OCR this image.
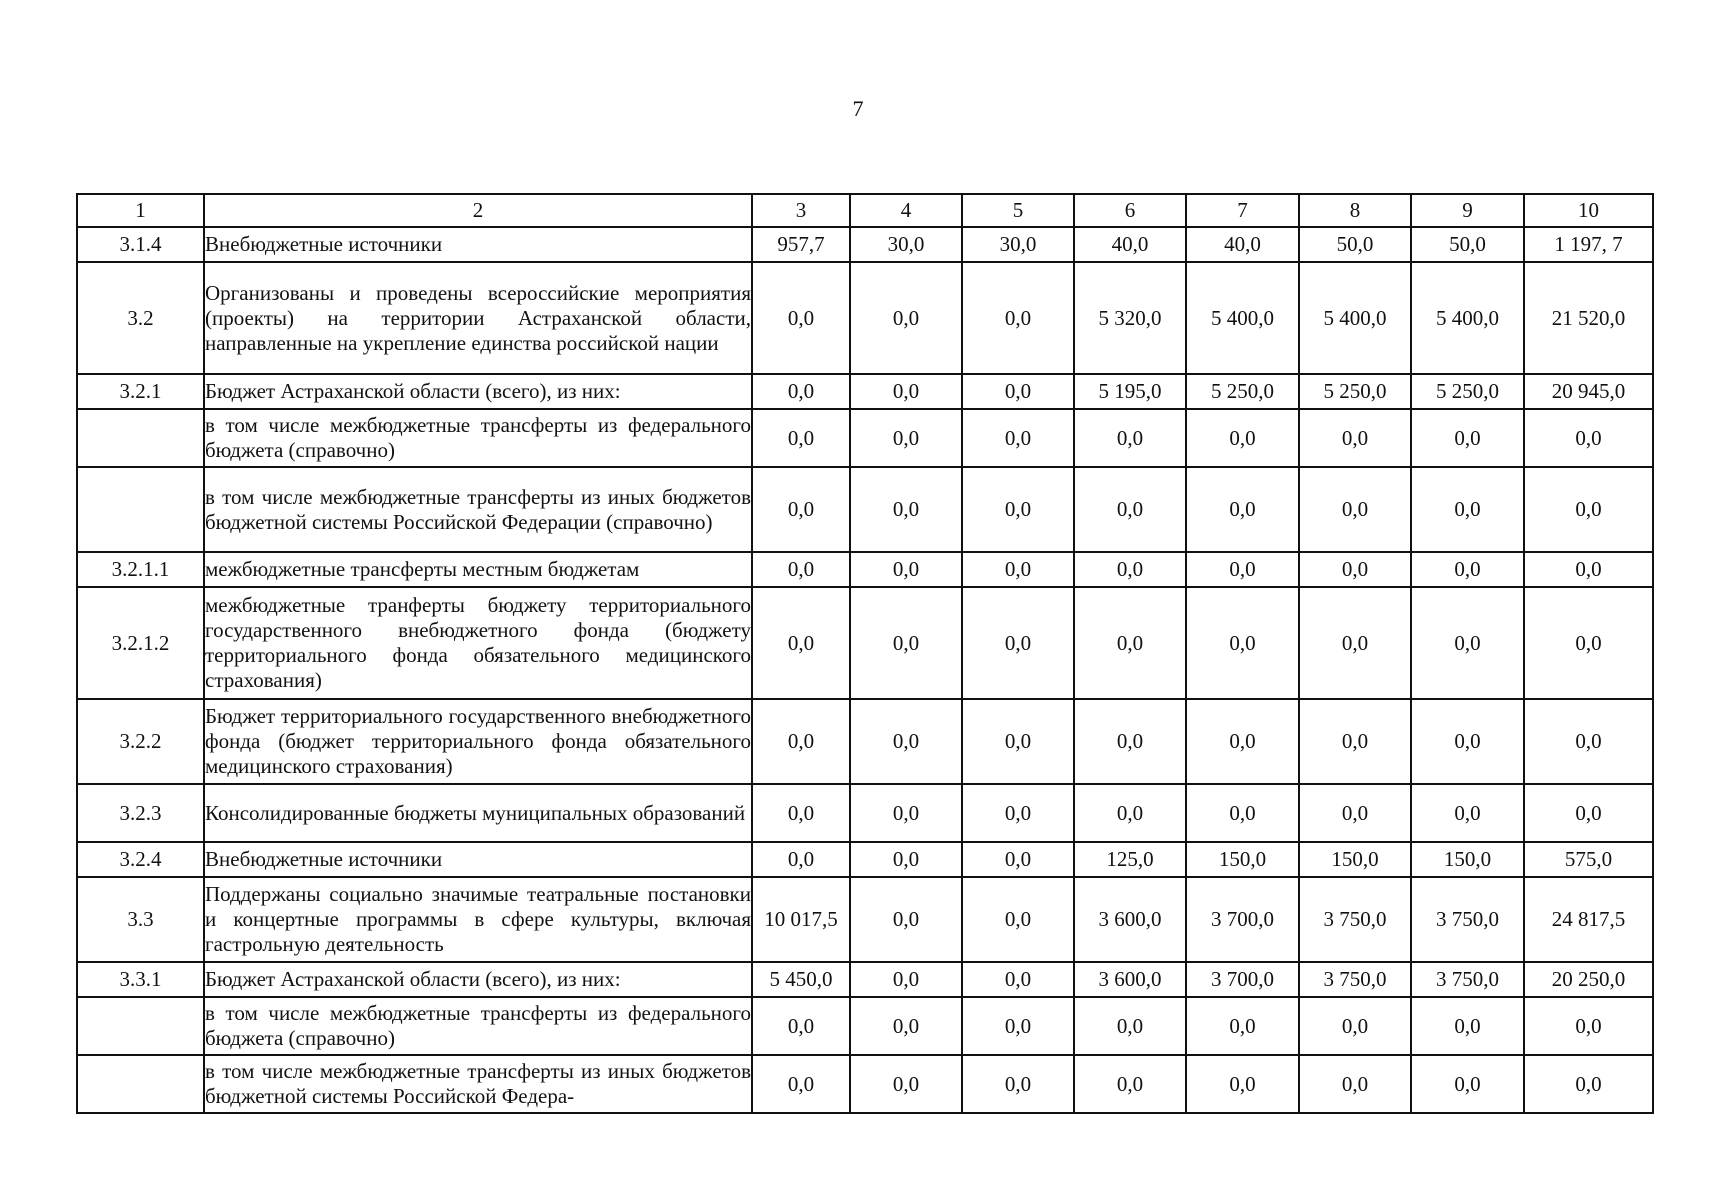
7
1	2	3	4	5	6	7	8	9	10
3.1.4	Внебюджетные источники	957,7	30,0	30,0	40,0	40,0	50,0	50,0	1 197, 7
3.2	Организованы и проведены всероссийские мероприятия (проекты) на территории Астраханской области, направленные на укрепление единства российской нации	0,0	0,0	0,0	5 320,0	5 400,0	5 400,0	5 400,0	21 520,0
3.2.1	Бюджет Астраханской области (всего), из них:	0,0	0,0	0,0	5 195,0	5 250,0	5 250,0	5 250,0	20 945,0
	в том числе межбюджетные трансферты из федерального бюджета (справочно)	0,0	0,0	0,0	0,0	0,0	0,0	0,0	0,0
	в том числе межбюджетные трансферты из иных бюджетов бюджетной системы Российской Федерации (справочно)	0,0	0,0	0,0	0,0	0,0	0,0	0,0	0,0
3.2.1.1	межбюджетные трансферты местным бюджетам	0,0	0,0	0,0	0,0	0,0	0,0	0,0	0,0
3.2.1.2	межбюджетные транферты бюджету территориального государственного внебюджетного фонда (бюджету территориального фонда обязательного медицинского страхования)	0,0	0,0	0,0	0,0	0,0	0,0	0,0	0,0
3.2.2	Бюджет территориального государственного внебюджетного фонда (бюджет территориального фонда обязательного медицинского страхования)	0,0	0,0	0,0	0,0	0,0	0,0	0,0	0,0
3.2.3	Консолидированные бюджеты муниципальных образований	0,0	0,0	0,0	0,0	0,0	0,0	0,0	0,0
3.2.4	Внебюджетные источники	0,0	0,0	0,0	125,0	150,0	150,0	150,0	575,0
3.3	Поддержаны социально значимые театральные постановки и концертные программы в сфере культуры, включая гастрольную деятельность	10 017,5	0,0	0,0	3 600,0	3 700,0	3 750,0	3 750,0	24 817,5
3.3.1	Бюджет Астраханской области (всего), из них:	5 450,0	0,0	0,0	3 600,0	3 700,0	3 750,0	3 750,0	20 250,0
	в том числе межбюджетные трансферты из федерального бюджета (справочно)	0,0	0,0	0,0	0,0	0,0	0,0	0,0	0,0
	в том числе межбюджетные трансферты из иных бюджетов бюджетной системы Российской Федера-	0,0	0,0	0,0	0,0	0,0	0,0	0,0	0,0
